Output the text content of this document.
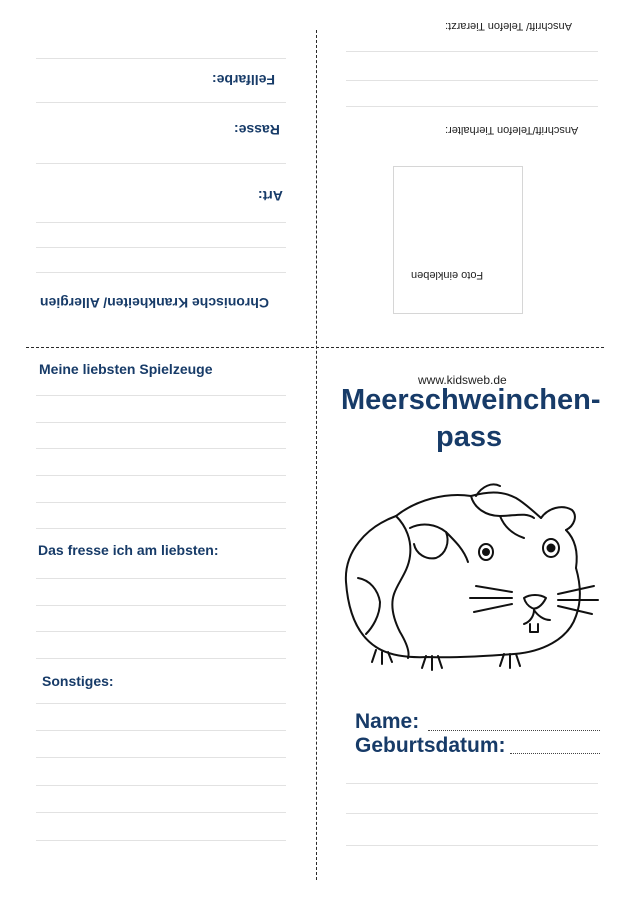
Fellfarbe:
Rasse:
Art:
Chronische Krankheiten/ Allergien
Anschrift/ Telefon Tierarzt:
Anschrift/Telefon Tierhalter:
Foto einkleben
Meine liebsten Spielzeuge
Das fresse ich am liebsten:
Sonstiges:
www.kidsweb.de
Meerschweinchen-
pass
Name:
Geburtsdatum:
